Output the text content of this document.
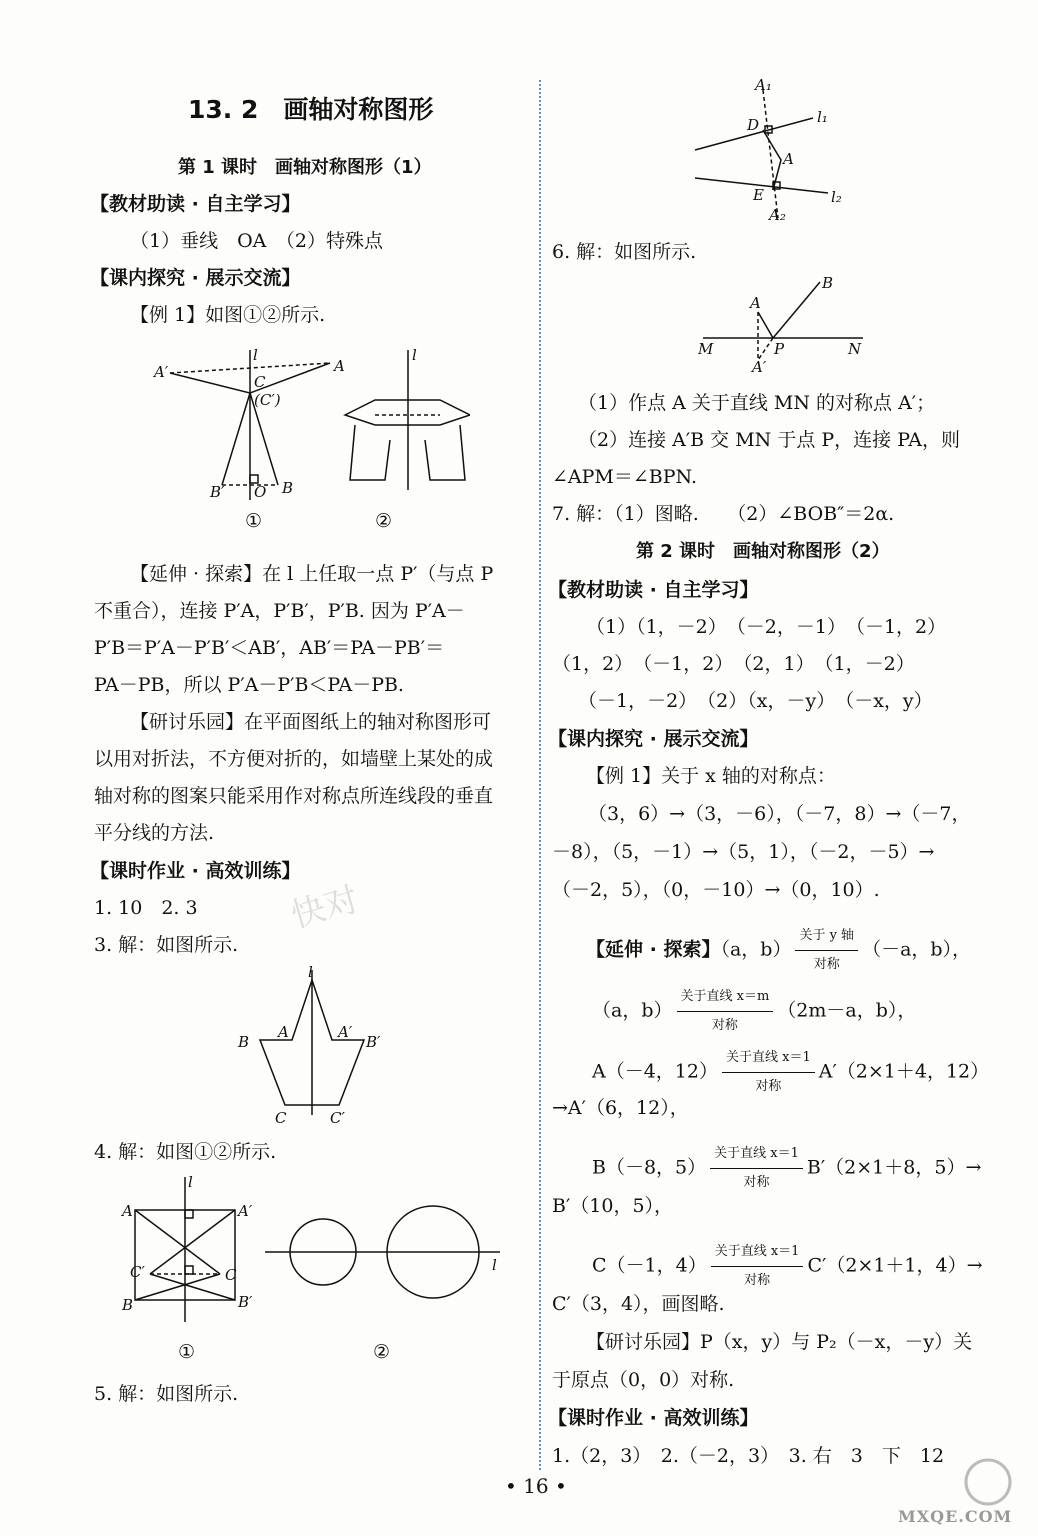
13. 2　画轴对称图形
第 1 课时　画轴对称图形（1）
【教材助读 · 自主学习】
（1）垂线　OA　（2）特殊点
【课内探究 · 展示交流】
【例 1】如图①②所示.
A′	A
l
C
(C′)
B′ O B
l
①	②
【延伸 · 探索】在 l 上任取一点 P′（与点 P
不重合），连接 P′A，P′B′，P′B. 因为 P′A－
P′B＝P′A－P′B′＜AB′，AB′＝PA－PB′＝
PA－PB，所以 P′A－P′B＜PA－PB.
【研讨乐园】在平面图纸上的轴对称图形可
以用对折法，不方便对折的，如墙壁上某处的成
轴对称的图案只能采用作对称点所连线段的垂直
平分线的方法.
【课时作业 · 高效训练】
1. 10　2. 3
3. 解：如图所示.
快对
l
B
A	A′
B′
C	C′
4. 解：如图①②所示.
l
A	A′
C′	C
B	B′
l
①	②
5. 解：如图所示.
A₁
l₁
D
A
E	l₂
A₂
6. 解：如图所示.
A
B
M	P	N
A′
（1）作点 A 关于直线 MN 的对称点 A′；
（2）连接 A′B 交 MN 于点 P，连接 PA，则
∠APM＝∠BPN.
7. 解：（1）图略.　　（2）∠BOB″＝2α.
第 2 课时　画轴对称图形（2）
【教材助读 · 自主学习】
（1）（1，－2）　（－2，－1）　（－1，2）
（1，2）　（－1，2）　（2，1）　（1，－2）
（－1，－2）　（2）（x，－y）　（－x，y）
【课内探究 · 展示交流】
【例 1】关于 x 轴的对称点：
（3，6）→（3，－6），（－7，8）→（－7，
－8），（5，－1）→（5，1），（－2，－5）→
（－2，5），（0，－10）→（0，10）.
【延伸 · 探索】（a，b）
关于 y 轴
对称
（－a，b），
（a，b）
关于直线 x＝m
对称
（2m－a，b），
A（－4，12）
关于直线 x＝1
对称
A′（2×1＋4，12）
→A′（6，12），
B（－8，5）
关于直线 x＝1
对称
B′（2×1＋8，5）→
B′（10，5），
C（－1，4）
关于直线 x＝1
对称
C′（2×1＋1，4）→
C′（3，4），画图略.
【研讨乐园】P（x，y）与 P₂（－x，－y）关
于原点（0，0）对称.
【课时作业 · 高效训练】
1.（2，3）　2.（－2，3）　3. 右　3　下　12
• 16 •
MXQE.COM
